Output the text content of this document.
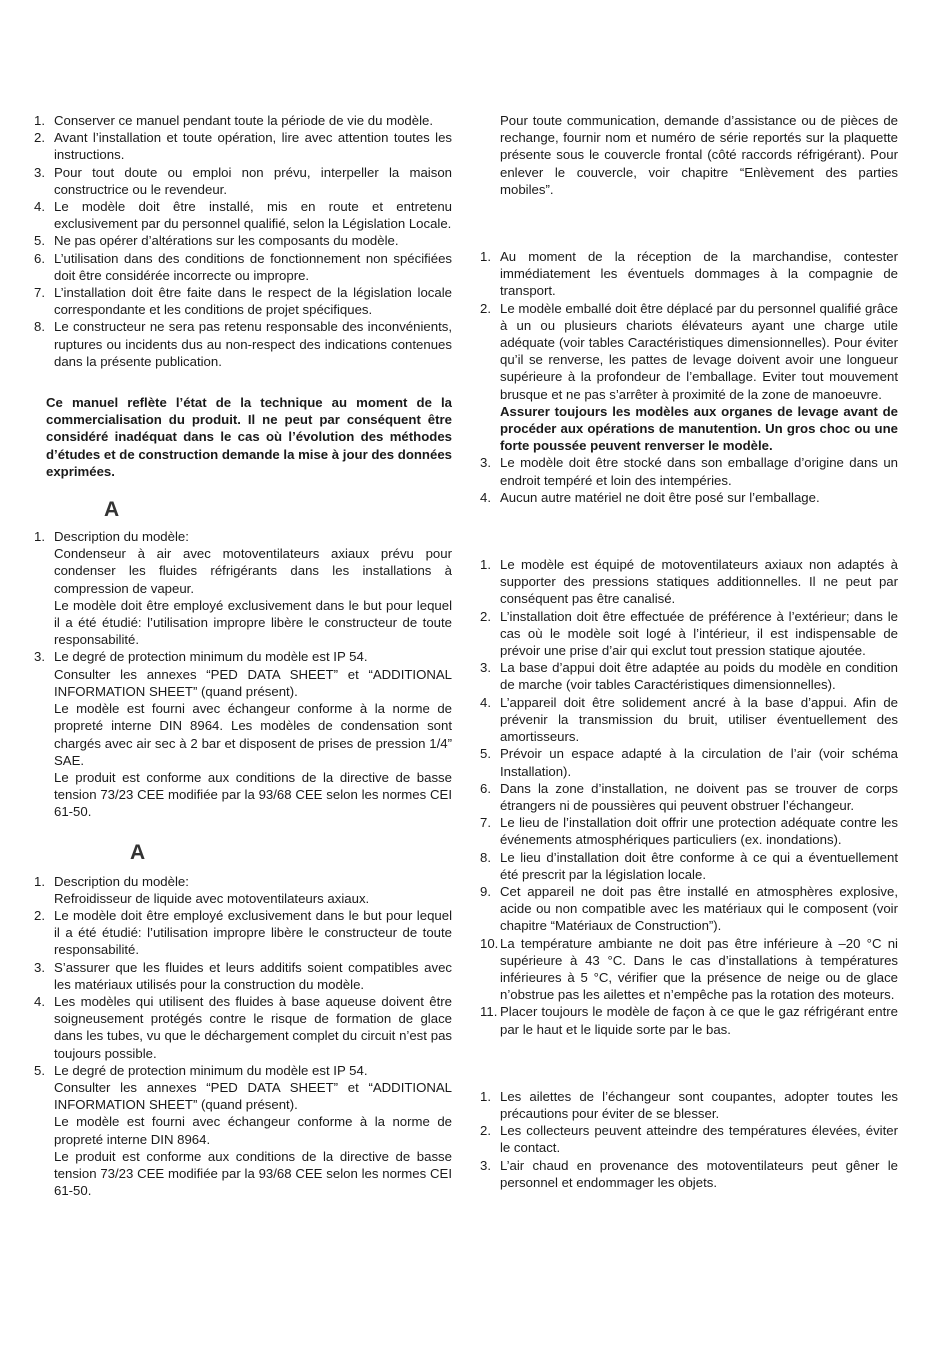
1. Conserver ce manuel pendant toute la période de vie du modèle.

2. Avant l’installation et toute opération, lire avec attention toutes les instructions.

3. Pour tout doute ou emploi non prévu, interpeller la maison constructrice ou le revendeur.

4. Le modèle doit être installé, mis en route et entretenu exclusivement par du personnel qualifié, selon la Législation Locale.

5. Ne pas opérer d’altérations sur les composants du modèle.

6. L’utilisation dans des conditions de fonctionnement non spécifiées doit être considérée incorrecte ou impropre.

7. L’installation doit être faite dans le respect de la législation locale correspondante et les conditions de projet spécifiques.

8. Le constructeur ne sera pas retenu responsable des inconvénients, ruptures ou incidents dus au non-respect des indications contenues dans la présente publication.

Ce manuel reflète l’état de la technique au moment de la commercialisation du produit. Il ne peut par conséquent être considéré inadéquat dans le cas où l’évolution des méthodes d’études et de construction demande la mise à jour des données exprimées.

A
1. Description du modèle:

Condenseur à air avec motoventilateurs axiaux prévu pour condenser les fluides réfrigérants dans les installations à compression de vapeur.

Le modèle doit être employé exclusivement dans le but pour lequel il a été étudié: l’utilisation impropre libère le constructeur de toute responsabilité.

3. Le degré de protection minimum du modèle est IP 54.

Consulter les annexes “PED DATA SHEET” et “ADDITIONAL INFORMATION SHEET” (quand présent).

Le modèle est fourni avec échangeur conforme à la norme de propreté interne DIN 8964. Les modèles de condensation sont chargés avec air sec à 2 bar et disposent de prises de pression 1/4” SAE.

Le produit est conforme aux conditions de la directive de basse tension 73/23 CEE modifiée par la 93/68 CEE selon les normes CEI 61-50.

A
1. Description du modèle:

Refroidisseur de liquide avec motoventilateurs axiaux.

2. Le modèle doit être employé exclusivement dans le but pour lequel il a été étudié: l’utilisation impropre libère le constructeur de toute responsabilité.

3. S’assurer que les fluides et leurs additifs soient compatibles avec les matériaux utilisés pour la construction du modèle.

4. Les modèles qui utilisent des fluides à base aqueuse doivent être soigneusement protégés contre le risque de formation de glace dans les tubes, vu que le déchargement complet du circuit n’est pas toujours possible.

5. Le degré de protection minimum du modèle est IP 54.

Consulter les annexes “PED DATA SHEET” et “ADDITIONAL INFORMATION SHEET” (quand présent).

Le modèle est fourni avec échangeur conforme à la norme de propreté interne DIN 8964.

Le produit est conforme aux conditions de la directive de basse tension 73/23 CEE modifiée par la 93/68 CEE selon les normes CEI 61-50.

Pour toute communication, demande d’assistance ou de pièces de rechange, fournir nom et numéro de série reportés sur la plaquette présente sous le couvercle frontal (côté raccords réfrigérant). Pour enlever le couvercle, voir chapitre “Enlèvement des parties mobiles”.

1. Au moment de la réception de la marchandise, contester immédiatement les éventuels dommages à la compagnie de transport.

2. Le modèle emballé doit être déplacé par du personnel qualifié grâce à un ou plusieurs chariots élévateurs ayant une charge utile adéquate (voir tables Caractéristiques dimensionnelles). Pour éviter qu’il se renverse, les pattes de levage doivent avoir une longueur supérieure à la profondeur de l’emballage. Eviter tout mouvement brusque et ne pas s’arrêter à proximité de la zone de manoeuvre.

Assurer toujours les modèles aux organes de levage avant de procéder aux opérations de manutention. Un gros choc ou une forte poussée peuvent renverser le modèle.

3. Le modèle doit être stocké dans son emballage d’origine dans un endroit tempéré et loin des intempéries.

4. Aucun autre matériel ne doit être posé sur l’emballage.

1. Le modèle est équipé de motoventilateurs axiaux non adaptés à supporter des pressions statiques additionnelles. Il ne peut par conséquent pas être canalisé.

2. L’installation doit être effectuée de préférence à l’extérieur; dans le cas où le modèle soit logé à l’intérieur, il est indispensable de prévoir une prise d’air qui exclut tout pression statique ajoutée.

3. La base d’appui doit être adaptée au poids du modèle en condition de marche (voir tables Caractéristiques dimensionnelles).

4. L’appareil doit être solidement ancré à la base d’appui. Afin de prévenir la transmission du bruit, utiliser éventuellement des amortisseurs.

5. Prévoir un espace adapté à la circulation de l’air (voir schéma Installation).

6. Dans la zone d’installation, ne doivent pas se trouver de corps étrangers ni de poussières qui peuvent obstruer l’échangeur.

7. Le lieu de l’installation doit offrir une protection adéquate contre les événements atmosphériques particuliers (ex. inondations).

8. Le lieu d’installation doit être conforme à ce qui a éventuellement été prescrit par la législation locale.

9. Cet appareil ne doit pas être installé en atmosphères explosive, acide ou non compatible avec les matériaux qui le composent (voir chapitre “Matériaux de Construction”).

10. La température ambiante ne doit pas être inférieure à –20 °C ni supérieure à 43 °C. Dans le cas d’installations à températures inférieures à 5 °C, vérifier que la présence de neige ou de glace n’obstrue pas les ailettes et n’empêche pas la rotation des moteurs.

11. Placer toujours le modèle de façon à ce que le gaz réfrigérant entre par le haut et le liquide sorte par le bas.

1. Les ailettes de l’échangeur sont coupantes, adopter toutes les précautions pour éviter de se blesser.

2. Les collecteurs peuvent atteindre des températures élevées, éviter le contact.

3. L’air chaud en provenance des motoventilateurs peut gêner le personnel et endommager les objets.
